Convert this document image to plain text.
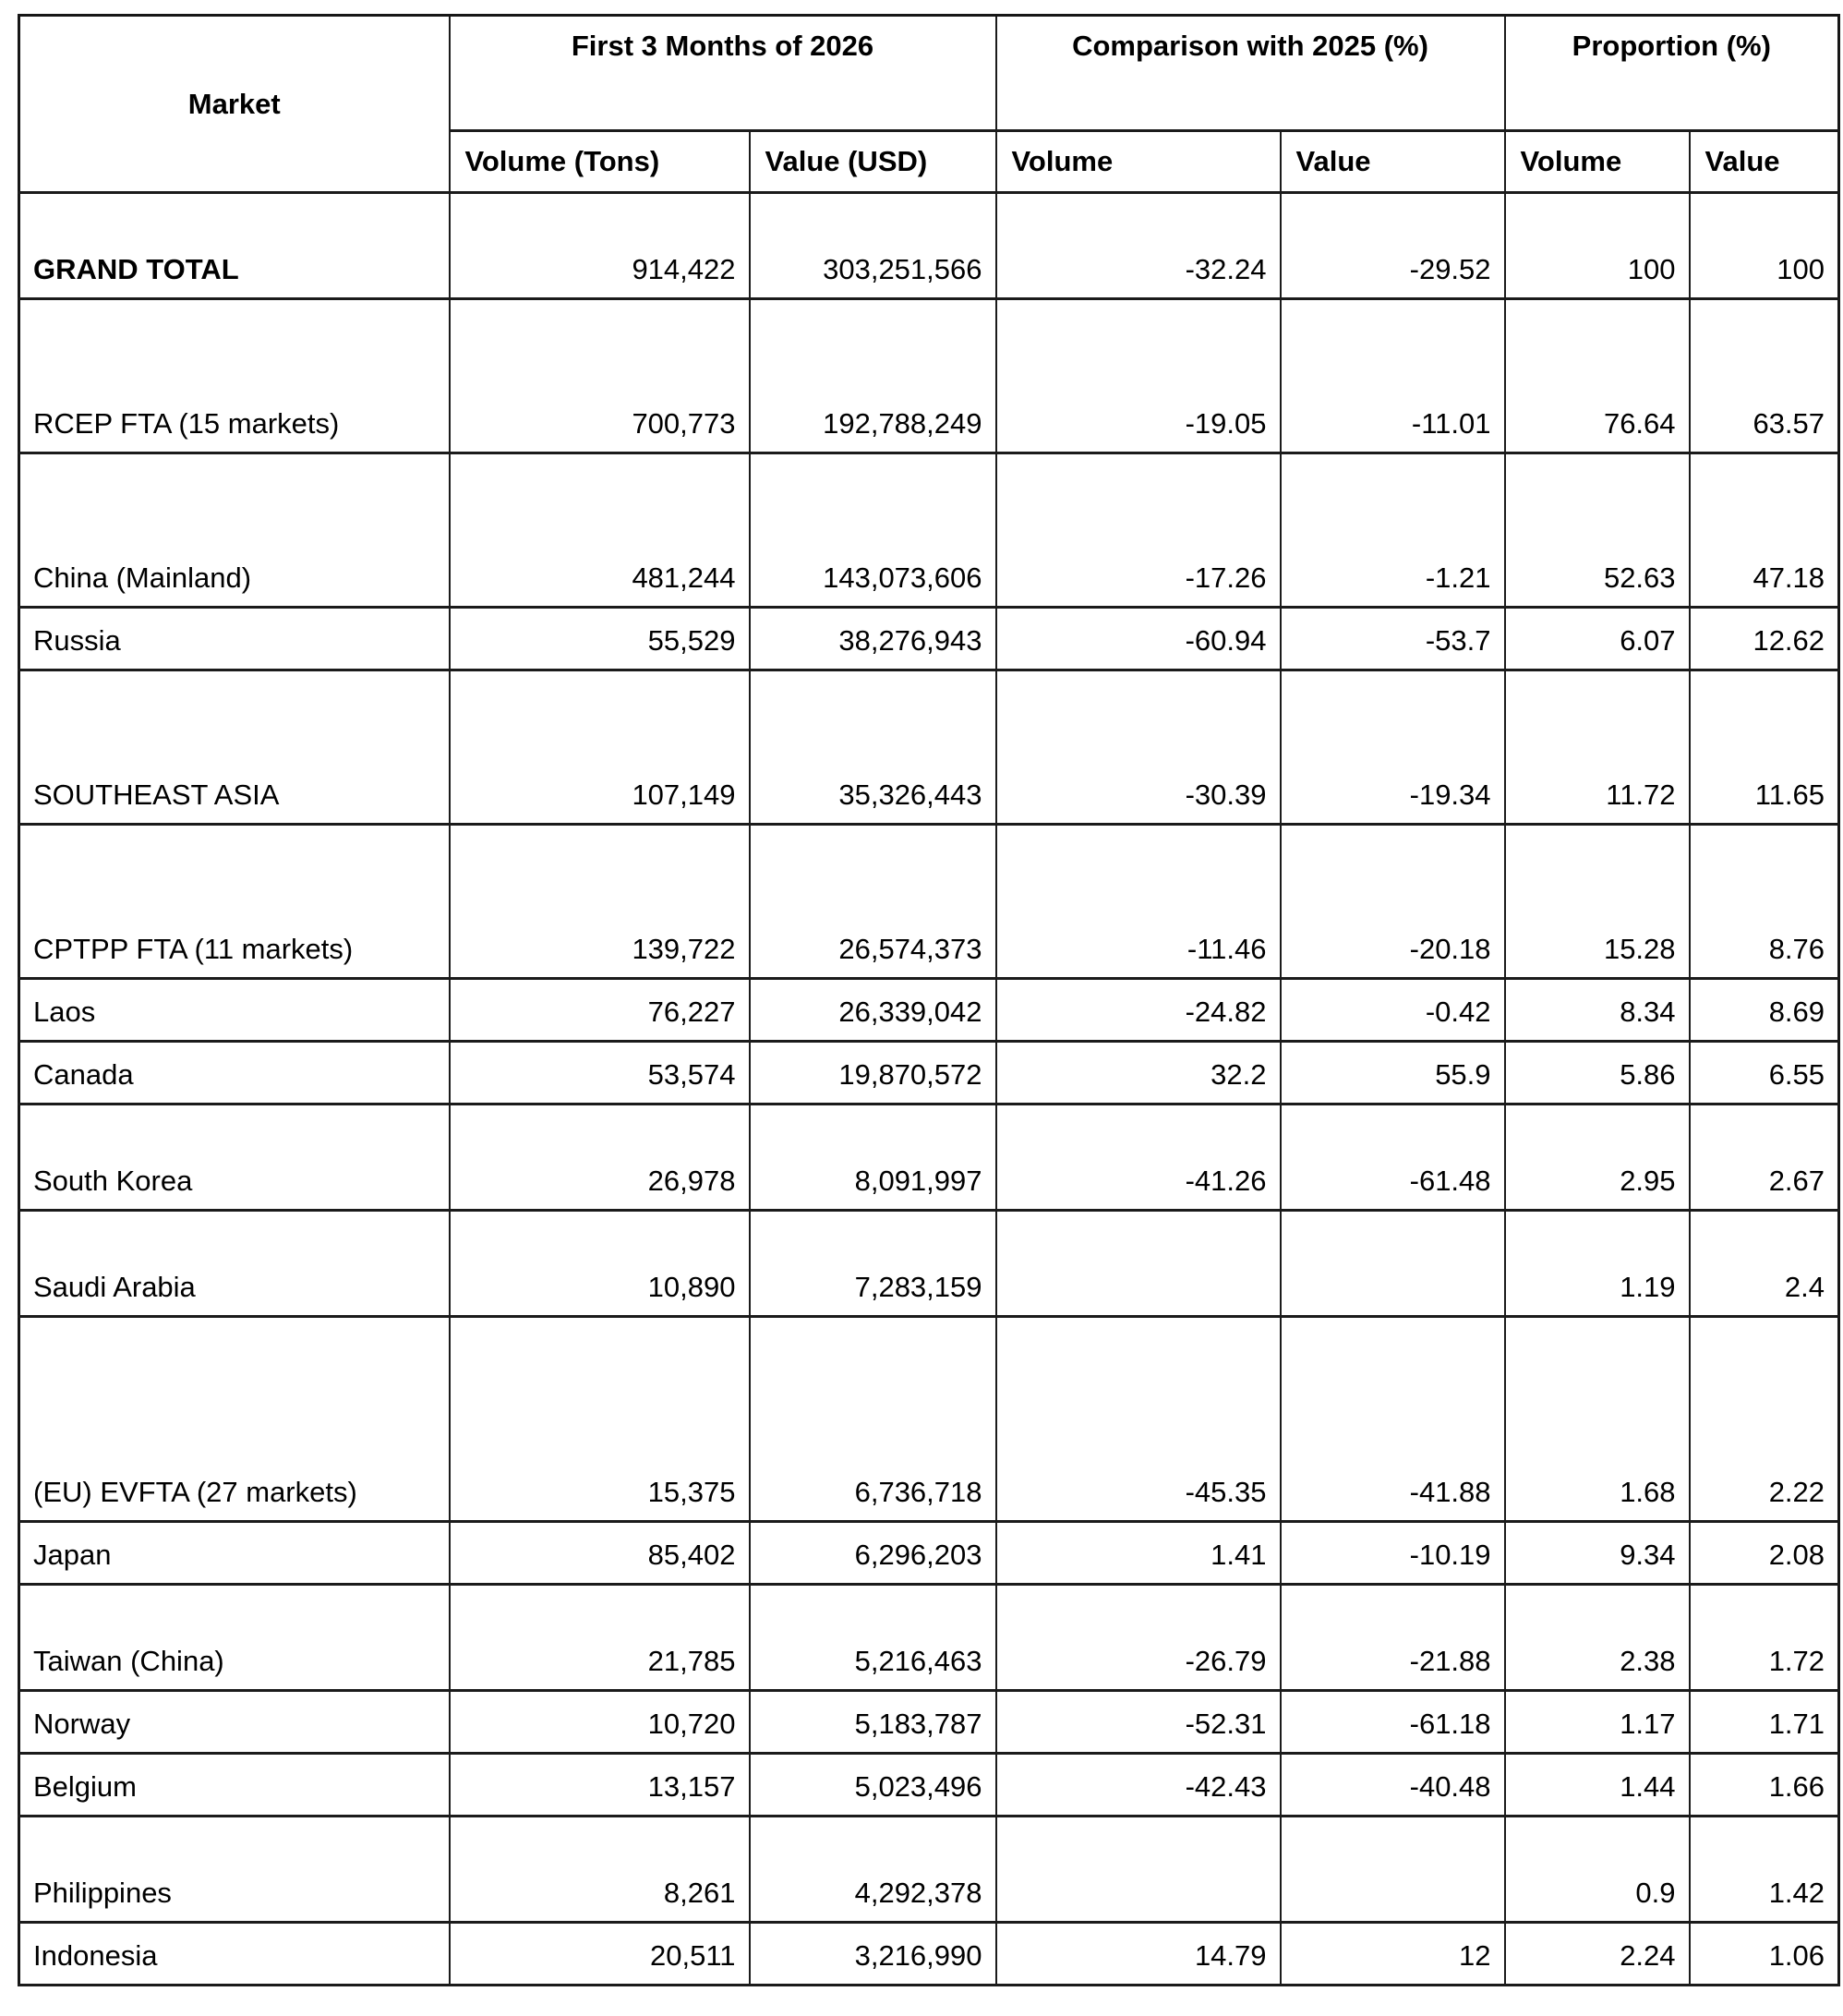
Market	First 3 Months of 2026		Comparison with 2025 (%)		Proportion (%)	
	Volume (Tons)	Value (USD)	Volume	Value	Volume	Value
GRAND TOTAL	914,422	303,251,566	-32.24	-29.52	100	100
RCEP FTA (15 markets)	700,773	192,788,249	-19.05	-11.01	76.64	63.57
China (Mainland)	481,244	143,073,606	-17.26	-1.21	52.63	47.18
Russia	55,529	38,276,943	-60.94	-53.7	6.07	12.62
SOUTHEAST ASIA	107,149	35,326,443	-30.39	-19.34	11.72	11.65
CPTPP FTA (11 markets)	139,722	26,574,373	-11.46	-20.18	15.28	8.76
Laos	76,227	26,339,042	-24.82	-0.42	8.34	8.69
Canada	53,574	19,870,572	32.2	55.9	5.86	6.55
South Korea	26,978	8,091,997	-41.26	-61.48	2.95	2.67
Saudi Arabia	10,890	7,283,159			1.19	2.4
(EU) EVFTA (27 markets)	15,375	6,736,718	-45.35	-41.88	1.68	2.22
Japan	85,402	6,296,203	1.41	-10.19	9.34	2.08
Taiwan (China)	21,785	5,216,463	-26.79	-21.88	2.38	1.72
Norway	10,720	5,183,787	-52.31	-61.18	1.17	1.71
Belgium	13,157	5,023,496	-42.43	-40.48	1.44	1.66
Philippines	8,261	4,292,378			0.9	1.42
Indonesia	20,511	3,216,990	14.79	12	2.24	1.06
